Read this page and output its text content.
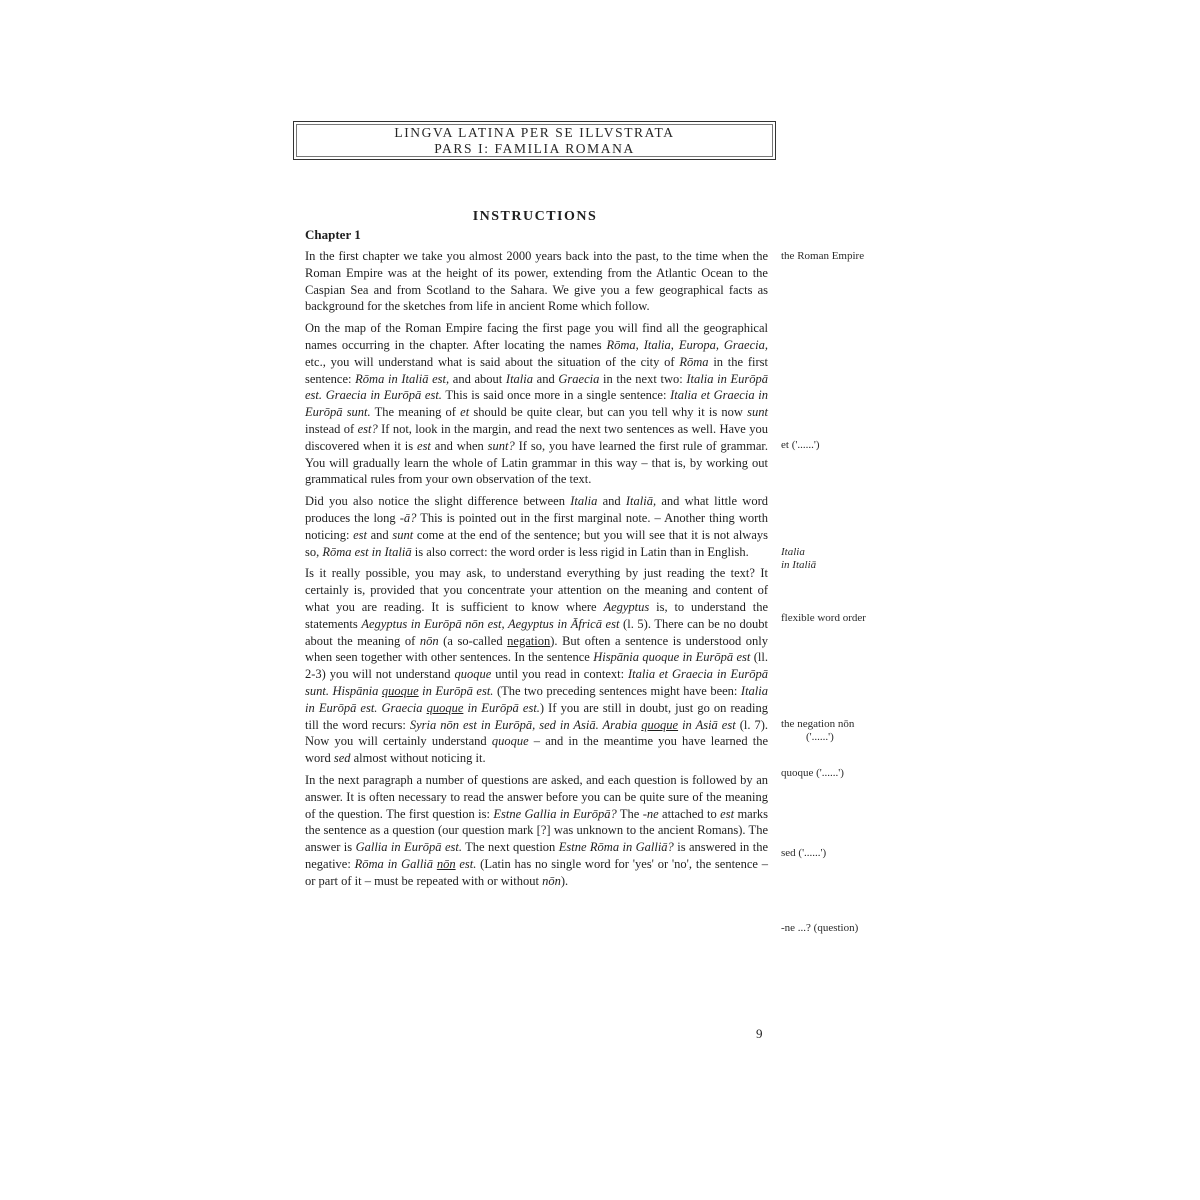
LINGVA LATINA PER SE ILLVSTRATA
PARS I: FAMILIA ROMANA
INSTRUCTIONS
Chapter 1

In the first chapter we take you almost 2000 years back into the past, to the time when the Roman Empire was at the height of its power, extending from the Atlantic Ocean to the Caspian Sea and from Scotland to the Sahara. We give you a few geographical facts as background for the sketches from life in ancient Rome which follow.

On the map of the Roman Empire facing the first page you will find all the geographical names occurring in the chapter. After locating the names Rōma, Italia, Europa, Graecia, etc., you will understand what is said about the situation of the city of Rōma in the first sentence: Rōma in Italiā est, and about Italia and Graecia in the next two: Italia in Eurōpā est. Graecia in Eurōpā est. This is said once more in a single sentence: Italia et Graecia in Eurōpā sunt. The meaning of et should be quite clear, but can you tell why it is now sunt instead of est? If not, look in the margin, and read the next two sentences as well. Have you discovered when it is est and when sunt? If so, you have learned the first rule of grammar. You will gradually learn the whole of Latin grammar in this way – that is, by working out grammatical rules from your own observation of the text.

Did you also notice the slight difference between Italia and Italiā, and what little word produces the long -ā? This is pointed out in the first marginal note. – Another thing worth noticing: est and sunt come at the end of the sentence; but you will see that it is not always so, Rōma est in Italiā is also correct: the word order is less rigid in Latin than in English.

Is it really possible, you may ask, to understand everything by just reading the text? It certainly is, provided that you concentrate your attention on the meaning and content of what you are reading. It is sufficient to know where Aegyptus is, to understand the statements Aegyptus in Eurōpā nōn est, Aegyptus in Āfricā est (l. 5). There can be no doubt about the meaning of nōn (a so-called negation). But often a sentence is understood only when seen together with other sentences. In the sentence Hispānia quoque in Eurōpā est (ll. 2-3) you will not understand quoque until you read in context: Italia et Graecia in Eurōpā sunt. Hispānia quoque in Eurōpā est. (The two preceding sentences might have been: Italia in Eurōpā est. Graecia quoque in Eurōpā est.) If you are still in doubt, just go on reading till the word recurs: Syria nōn est in Eurōpā, sed in Asiā. Arabia quoque in Asiā est (l. 7). Now you will certainly understand quoque – and in the meantime you have learned the word sed almost without noticing it.

In the next paragraph a number of questions are asked, and each question is followed by an answer. It is often necessary to read the answer before you can be quite sure of the meaning of the question. The first question is: Estne Gallia in Eurōpā? The -ne attached to est marks the sentence as a question (our question mark [?] was unknown to the ancient Romans). The answer is Gallia in Eurōpā est. The next question Estne Rōma in Galliā? is answered in the negative: Rōma in Galliā nōn est. (Latin has no single word for 'yes' or 'no', the sentence – or part of it – must be repeated with or without nōn).

the Roman Empire
et ('......')
Italia
in Italiā
flexible word order
the negation nōn
('......')
quoque ('......')
sed ('......')
-ne ...? (question)
9
